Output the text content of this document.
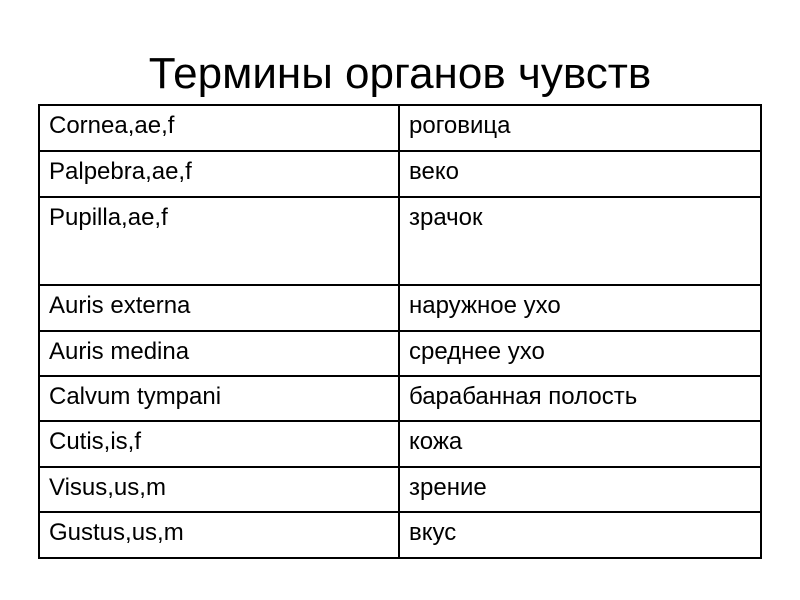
Термины органов чувств
Cornea,ae,f	роговица
Palpebra,ae,f	веко
Pupilla,ae,f	зрачок
Auris externa	наружное ухо
Auris medina	среднее ухо
Calvum tympani	барабанная полость
Cutis,is,f	кожа
Visus,us,m	зрение
Gustus,us,m	вкус
